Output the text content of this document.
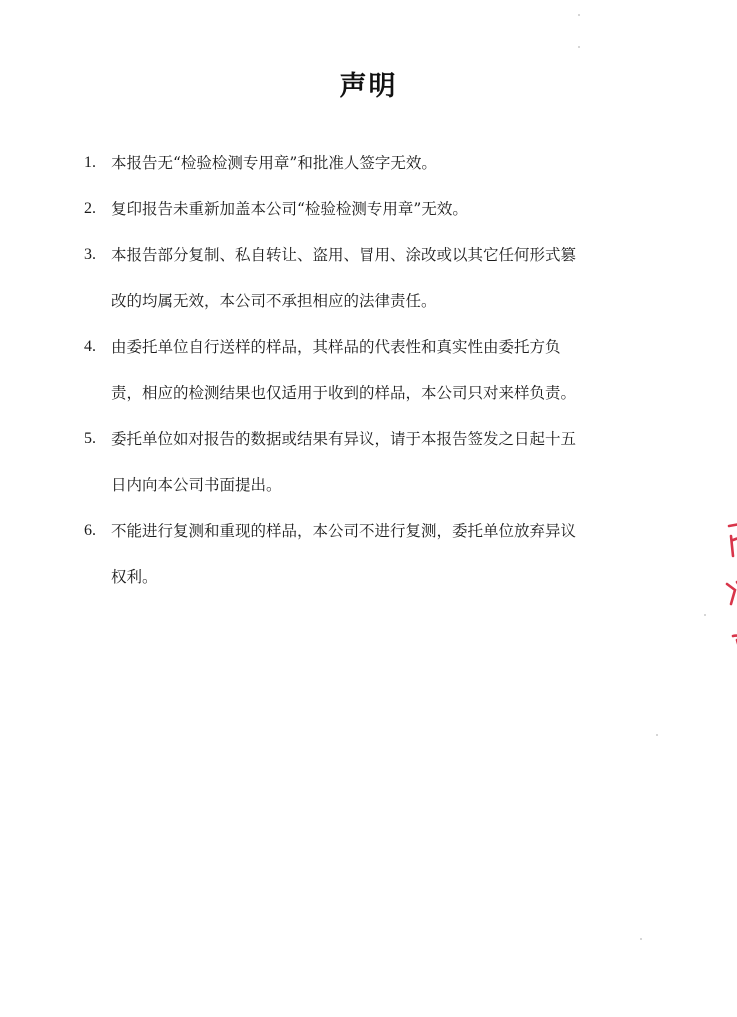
声明
1. 本报告无“检验检测专用章”和批准人签字无效。
2. 复印报告未重新加盖本公司“检验检测专用章”无效。
3. 本报告部分复制、私自转让、盗用、冒用、涂改或以其它任何形式篡
改的均属无效，本公司不承担相应的法律责任。
4. 由委托单位自行送样的样品，其样品的代表性和真实性由委托方负
责，相应的检测结果也仅适用于收到的样品，本公司只对来样负责。
5. 委托单位如对报告的数据或结果有异议，请于本报告签发之日起十五
日内向本公司书面提出。
6. 不能进行复测和重现的样品，本公司不进行复测，委托单位放弃异议
权利。
